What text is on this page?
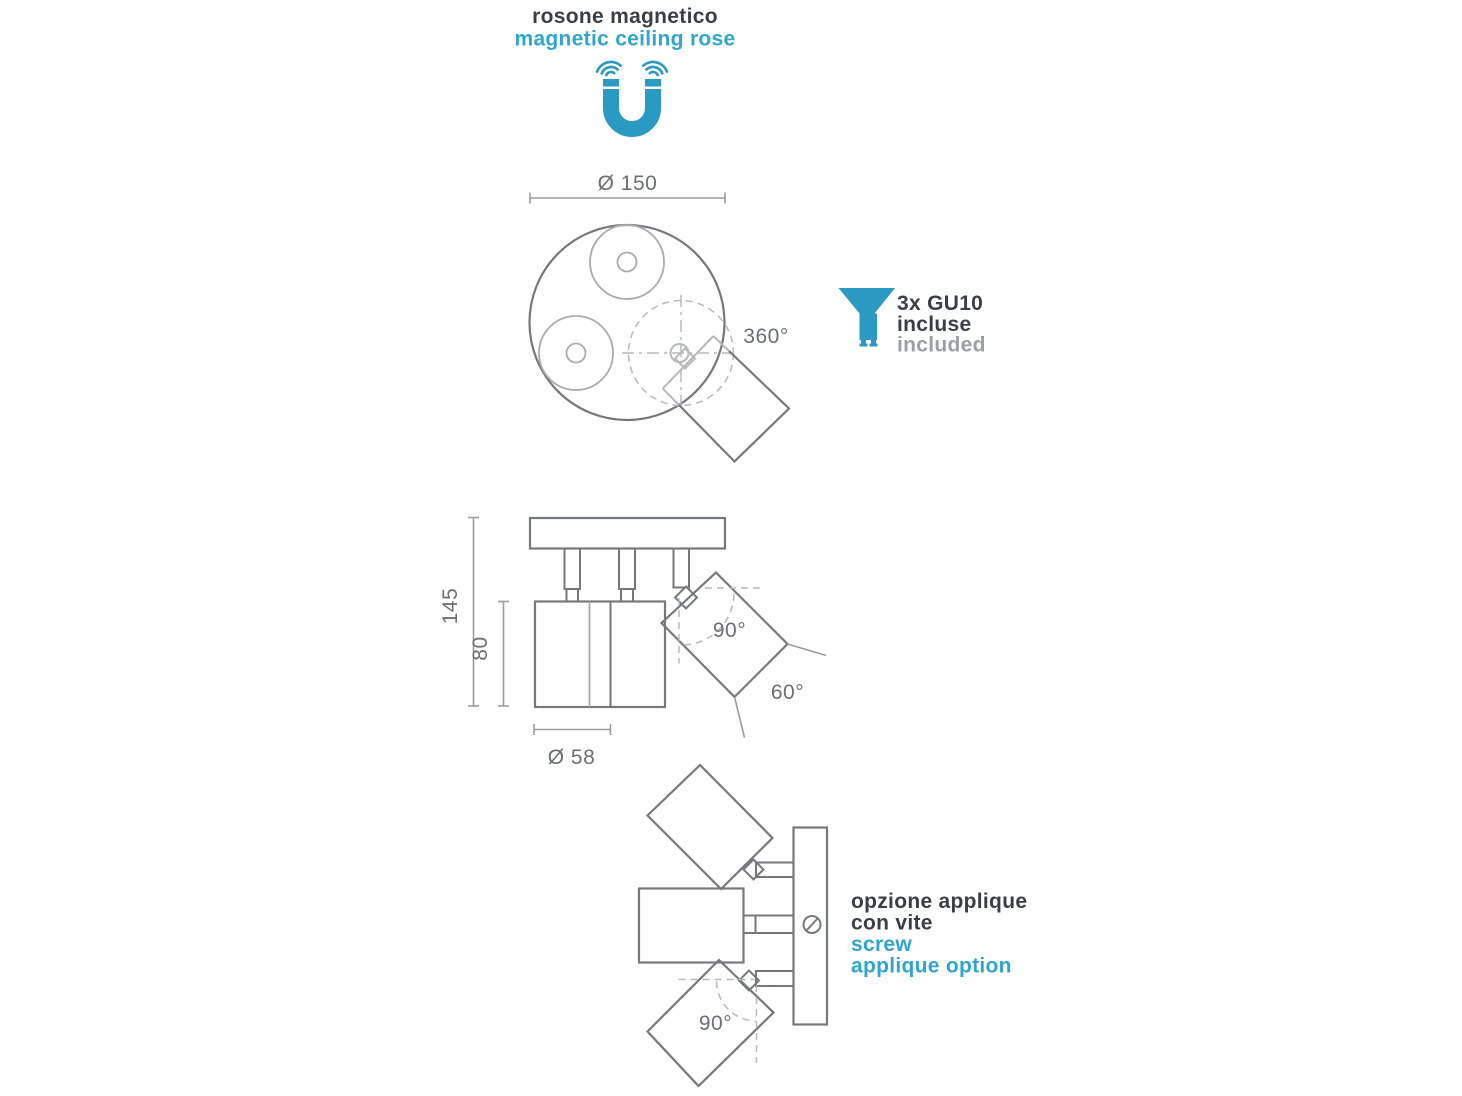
rosone magnetico
magnetic ceiling rose
Ø 150
360°
3x GU10
incluse
included
145
80
Ø 58
90°
60°
90°
opzione applique
con vite
screw
applique option
